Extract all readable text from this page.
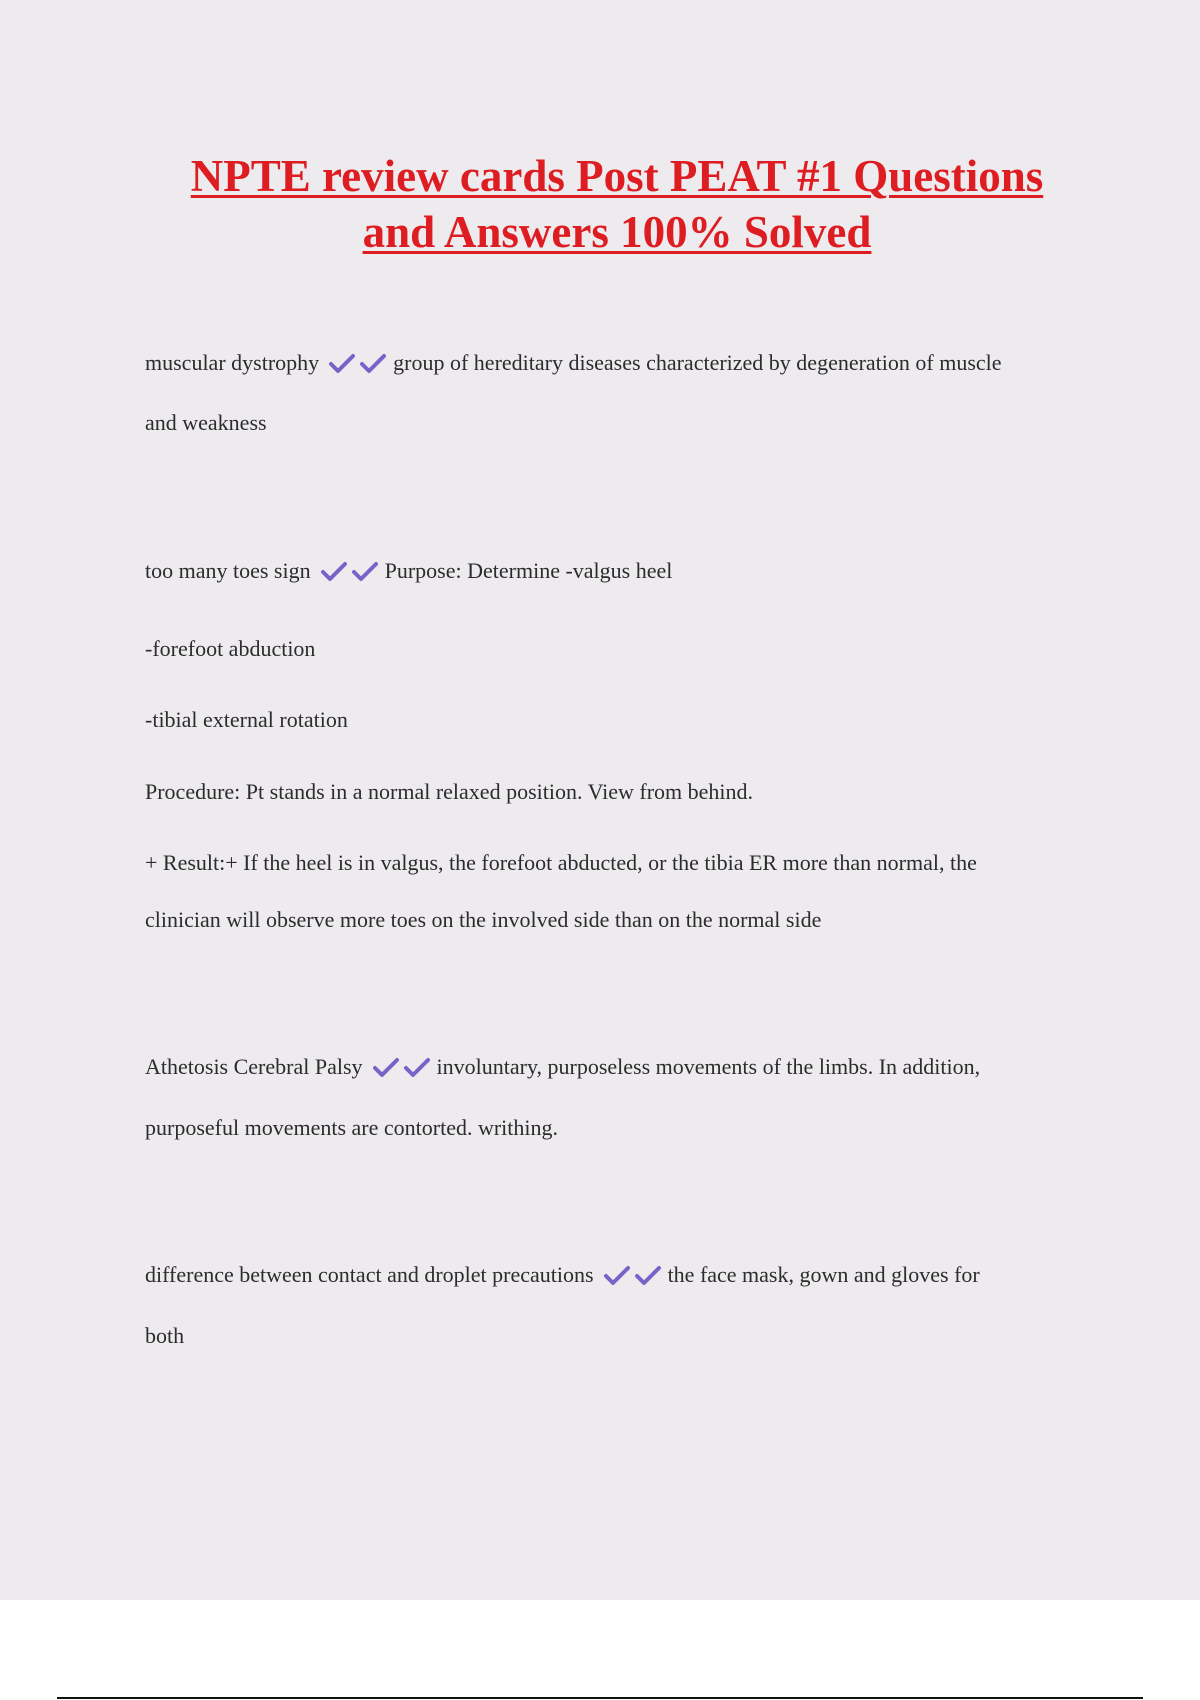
NPTE review cards Post PEAT #1 Questions
and Answers 100% Solved
muscular dystrophy	group of hereditary diseases characterized by degeneration of muscle
and weakness
too many toes sign	Purpose: Determine -valgus heel
-forefoot abduction
-tibial external rotation
Procedure: Pt stands in a normal relaxed position. View from behind.
+ Result:+ If the heel is in valgus, the forefoot abducted, or the tibia ER more than normal, the
clinician will observe more toes on the involved side than on the normal side
Athetosis Cerebral Palsy	involuntary, purposeless movements of the limbs. In addition,
purposeful movements are contorted. writhing.
difference between contact and droplet precautions	the face mask, gown and gloves for
both
